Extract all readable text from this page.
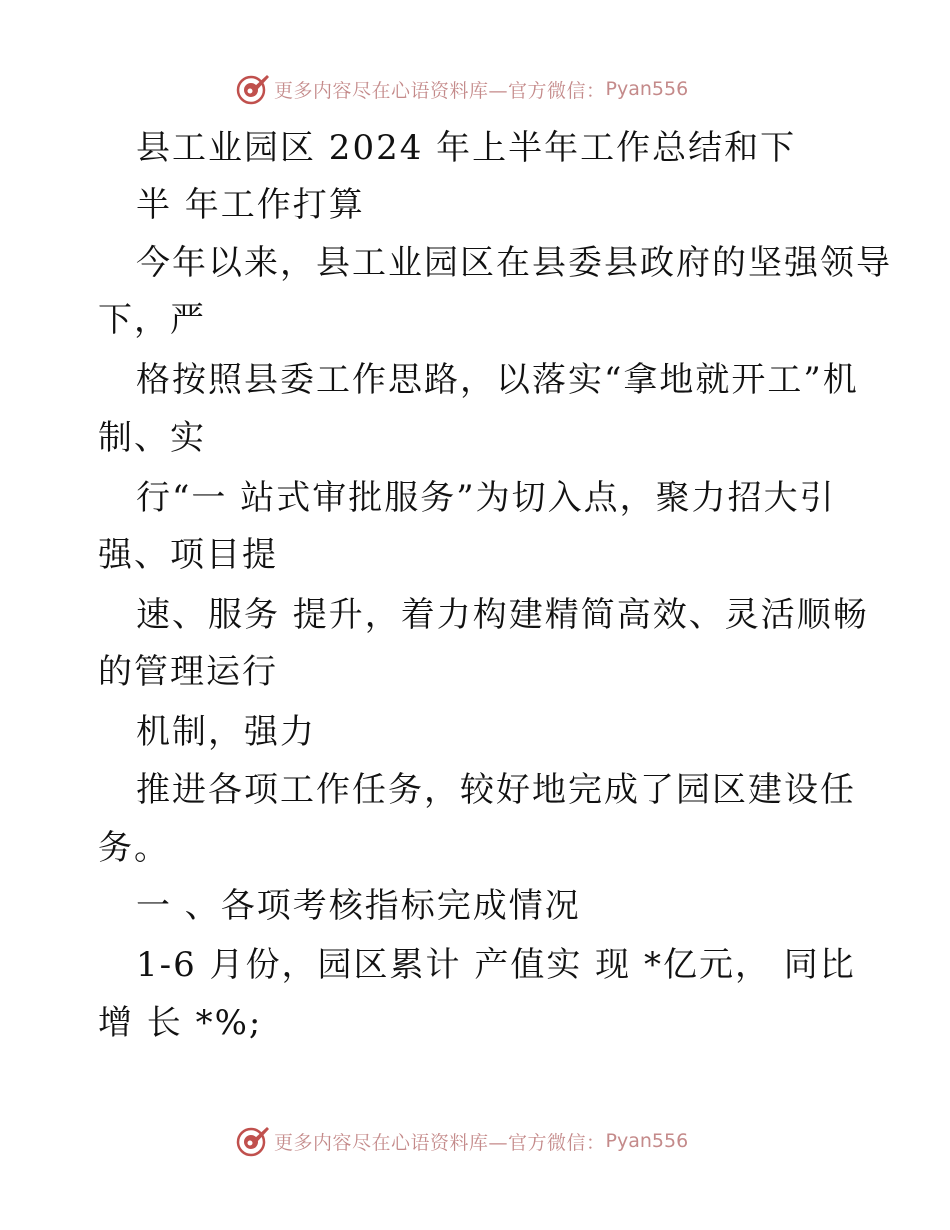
更多内容尽在心语资料库 —官方微信： Pyan556
县工业园区 2024 年上半年工作总结和下
半 年工作打算
今年以来，县工业园区在县委县政府的坚强领导
下，严
格按照县委工作思路，以落实“拿地就开工”机
制、实
行“一 站式审批服务”为切入点，聚力招大引
强、项目提
速、服务 提升，着力构建精简高效、灵活顺畅
的管理运行
机制，强力
推进各项工作任务，较好地完成了园区建设任
务。
一 、各项考核指标完成情况
1-6 月份，园区累计 产值实 现 *亿元， 同比
增 长 *%;
更多内容尽在心语资料库 —官方微信： Pyan556
